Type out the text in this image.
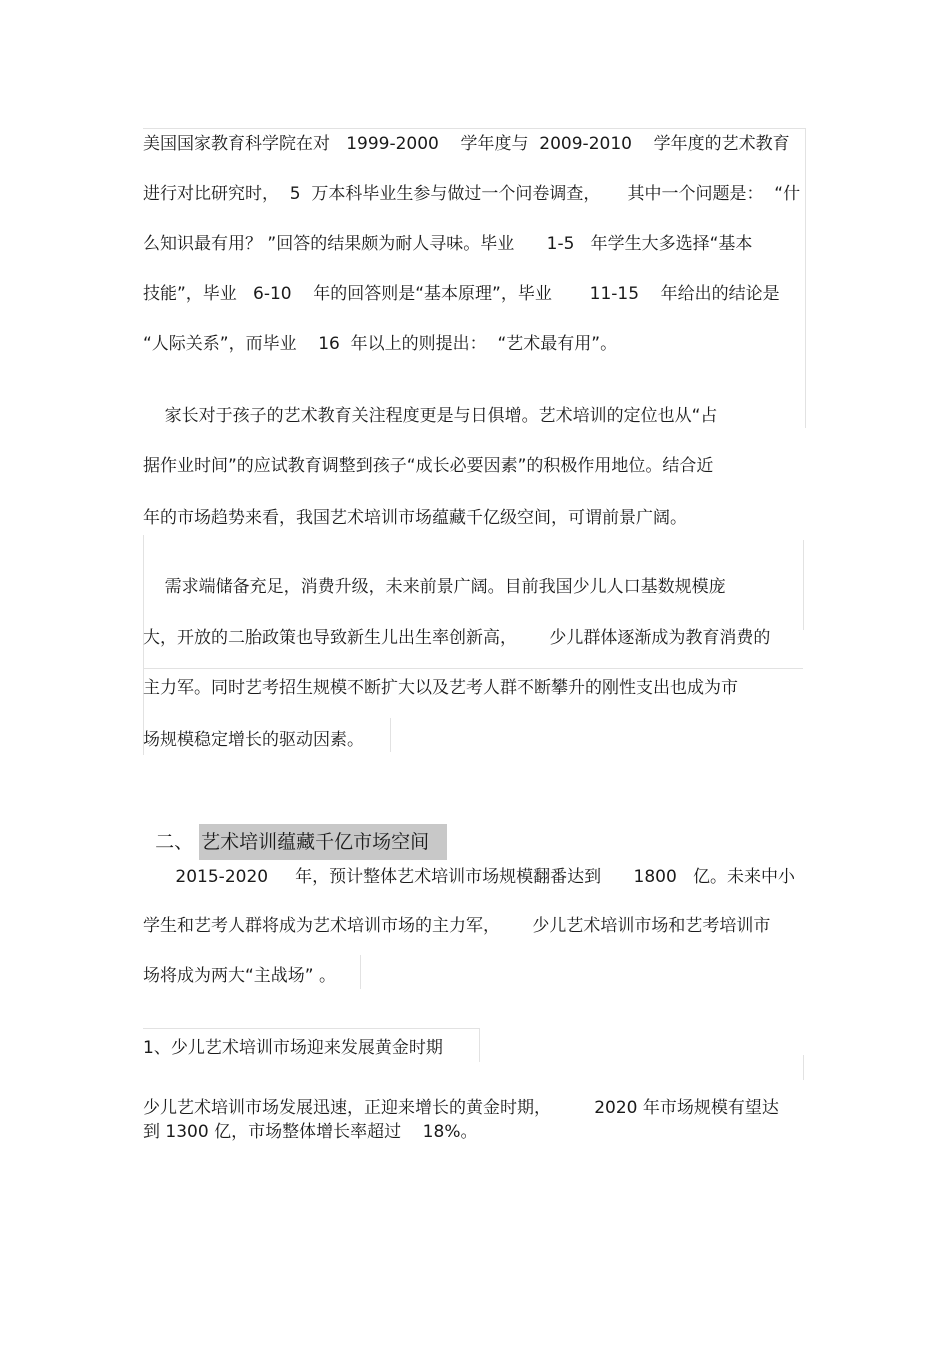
美国国家教育科学院在对   1999-2000    学年度与  2009-2010    学年度的艺术教育
进行对比研究时，  5  万本科毕业生参与做过一个问卷调查，     其中一个问题是：  “什
么知识最有用？ ”回答的结果颇为耐人寻味。毕业      1-5   年学生大多选择“基本
技能”，毕业   6-10    年的回答则是“基本原理”，毕业       11-15    年给出的结论是
“人际关系”，而毕业    16  年以上的则提出：  “艺术最有用”。
家长对于孩子的艺术教育关注程度更是与日俱增。艺术培训的定位也从“占
据作业时间”的应试教育调整到孩子“成长必要因素”的积极作用地位。结合近
年的市场趋势来看，我国艺术培训市场蕴藏千亿级空间，可谓前景广阔。
需求端储备充足，消费升级，未来前景广阔。目前我国少儿人口基数规模庞
大，开放的二胎政策也导致新生儿出生率创新高，      少儿群体逐渐成为教育消费的
主力军。同时艺考招生规模不断扩大以及艺考人群不断攀升的刚性支出也成为市
场规模稳定增长的驱动因素。

二、 艺术培训蕴藏千亿市场空间

2015-2020     年，预计整体艺术培训市场规模翻番达到      1800   亿。未来中小
学生和艺考人群将成为艺术培训市场的主力军，      少儿艺术培训市场和艺考培训市
场将成为两大“主战场” 。
1、少儿艺术培训市场迎来发展黄金时期
少儿艺术培训市场发展迅速，正迎来增长的黄金时期，        2020 年市场规模有望达
到 1300 亿，市场整体增长率超过    18%。
